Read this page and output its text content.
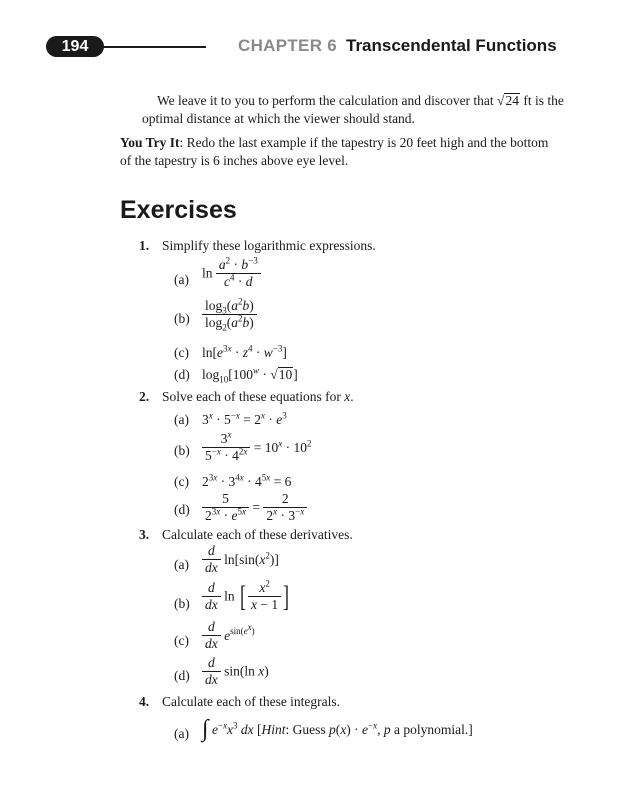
194	CHAPTER 6 Transcendental Functions
We leave it to you to perform the calculation and discover that √24 ft is the
optimal distance at which the viewer should stand.
You Try It: Redo the last example if the tapestry is 20 feet high and the bottom
of the tapestry is 6 inches above eye level.
Exercises
1. Simplify these logarithmic expressions.
(a) $\ln \frac{a^2 \cdot b^{-3}}{c^4 \cdot d}$
$(b) \frac{\log_3(a^2b)}{\log_2(a^2b)}$
(c) $\ln[e^{3x} \cdot z^4 \cdot w^{-3}]$
(d) $\log_{10}[100^w \cdot √10]$
2. Solve each of these equations for x.
(a) $3^x \cdot 5^{-x} = 2^x \cdot e^3$
$(b) \frac{3^x}{5^{-x} \cdot 4^{2x}} = 10^x \cdot 10^2$
(c) $2^{3x} \cdot 3^{4x} \cdot 4^{5x} = 6$
$(d) \frac{5}{2^{3x} \cdot e^{5x}} = \frac{2}{2^x \cdot 3^{-x}}$
3. Calculate each of these derivatives.
$(a) \frac{d}{dx} \ln[\sin(x^2)]$
$(b) \frac{d}{dx}$ ln [ $\frac{x^2}{x - 1}$ ]
$(c) \frac{d}{dx} e^{sin(e^x)}$
$(d) \frac{d}{dx} \sin(\ln$ x)
4. Calculate each of these integrals.
(a) ∫ $e^{-x}x^3$ dx [Hint: Guess $p(x) \cdot e^{-x}$, p a polynomial.]
